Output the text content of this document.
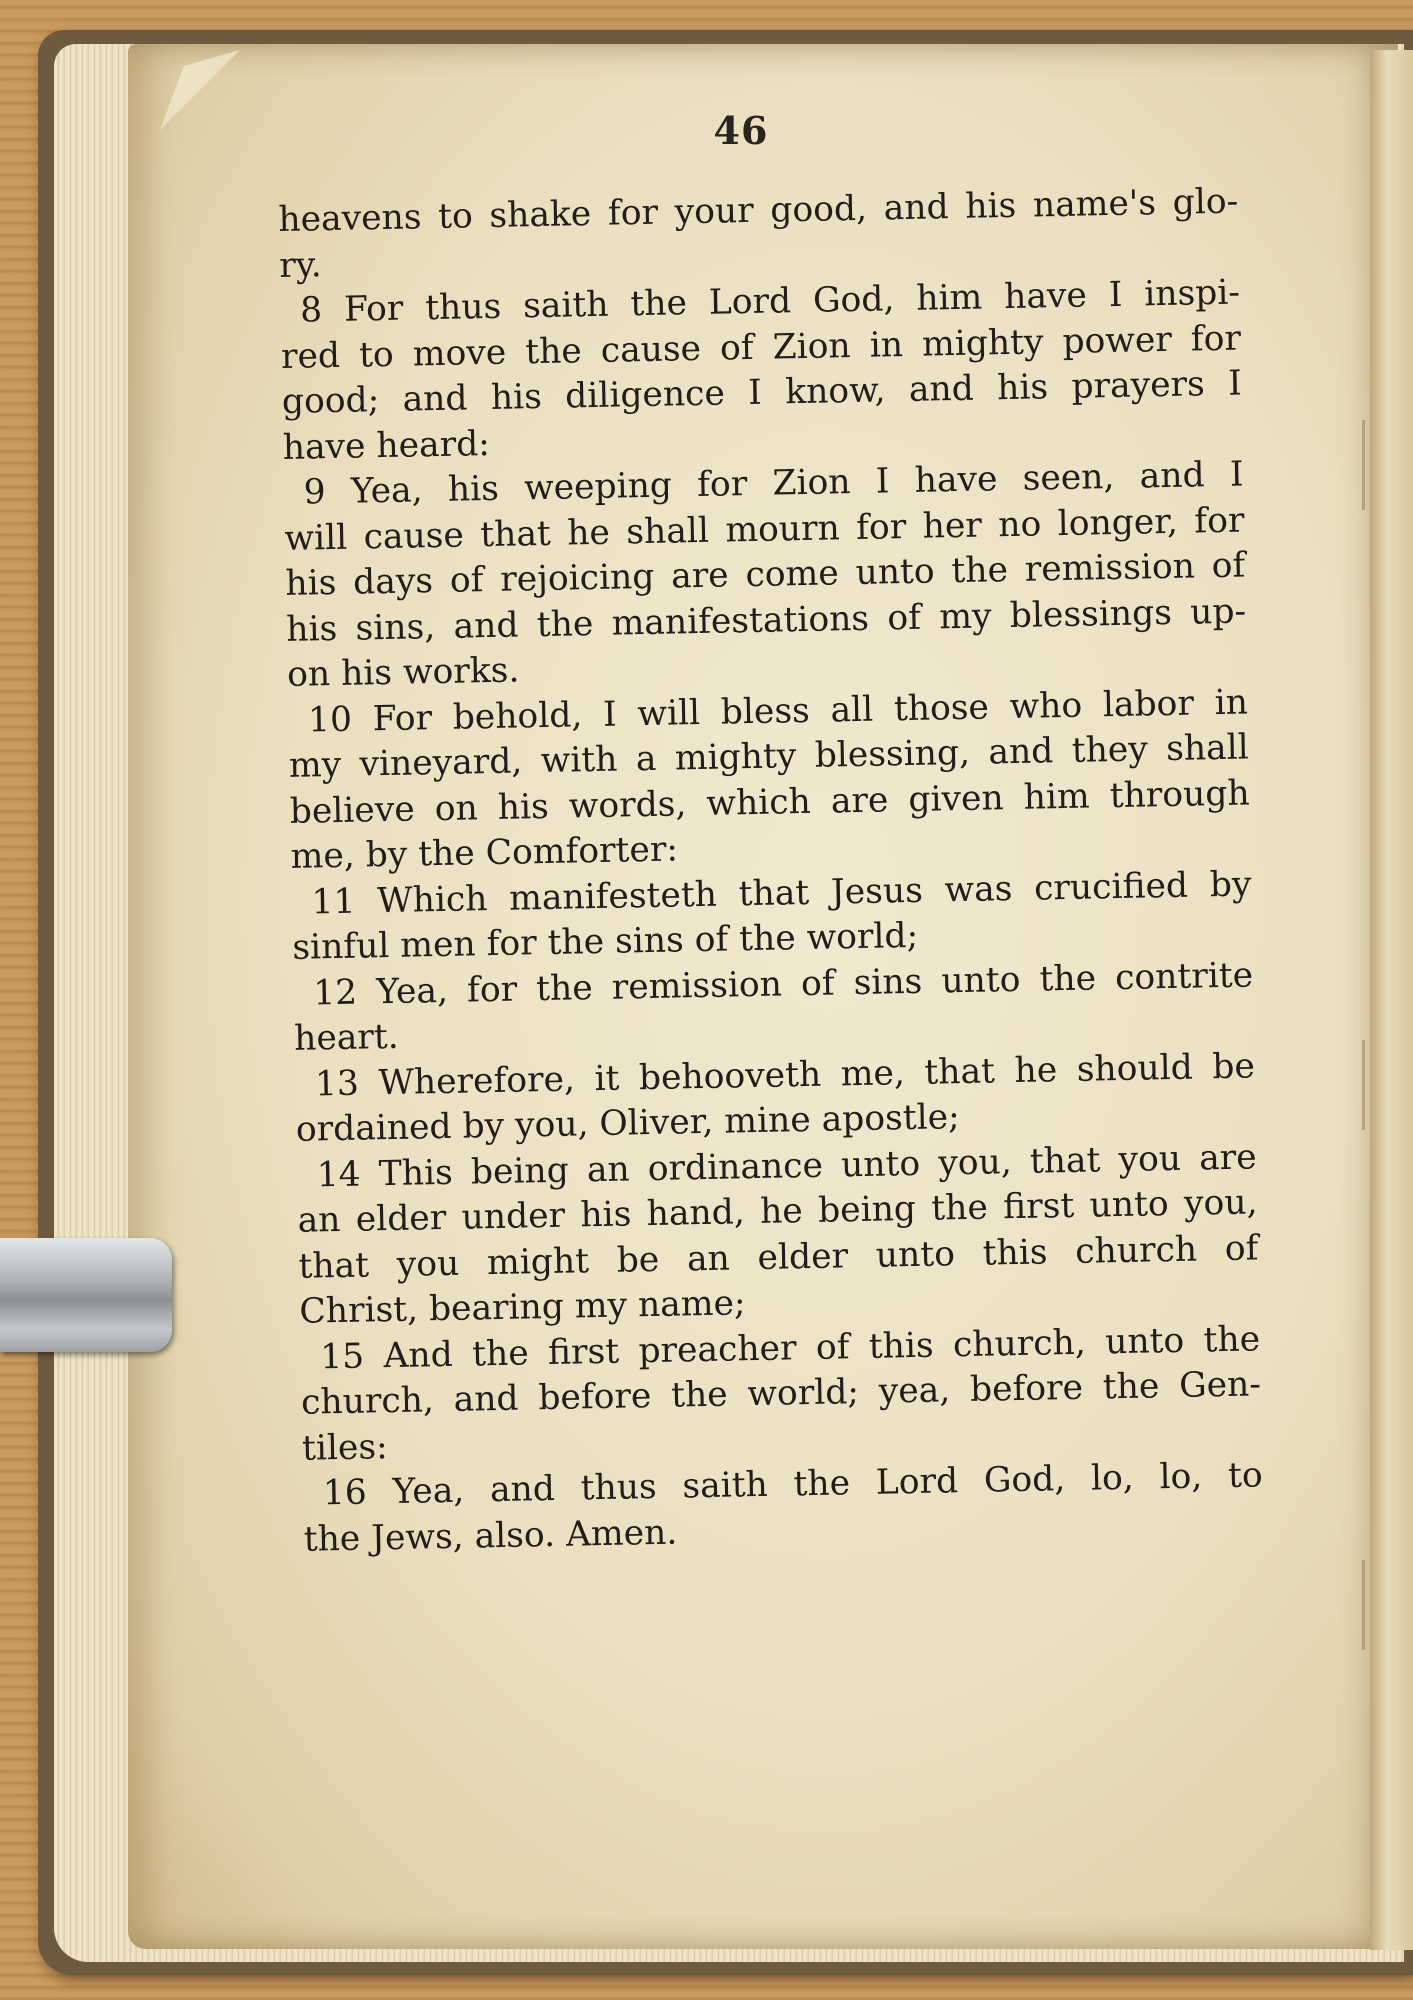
46
heavens to shake for your good, and his name's glo-
ry.
8 For thus saith the Lord God, him have I inspi-
red to move the cause of Zion in mighty power for
good; and his diligence I know, and his prayers I
have heard:
9 Yea, his weeping for Zion I have seen, and I
will cause that he shall mourn for her no longer, for
his days of rejoicing are come unto the remission of
his sins, and the manifestations of my blessings up-
on his works.
10 For behold, I will bless all those who labor in
my vineyard, with a mighty blessing, and they shall
believe on his words, which are given him through
me, by the Comforter:
11 Which manifesteth that Jesus was crucified by
sinful men for the sins of the world;
12 Yea, for the remission of sins unto the contrite
heart.
13 Wherefore, it behooveth me, that he should be
ordained by you, Oliver, mine apostle;
14 This being an ordinance unto you, that you are
an elder under his hand, he being the first unto you,
that you might be an elder unto this church of
Christ, bearing my name;
15 And the first preacher of this church, unto the
church, and before the world; yea, before the Gen-
tiles:
16 Yea, and thus saith the Lord God, lo, lo, to
the Jews, also. Amen.
